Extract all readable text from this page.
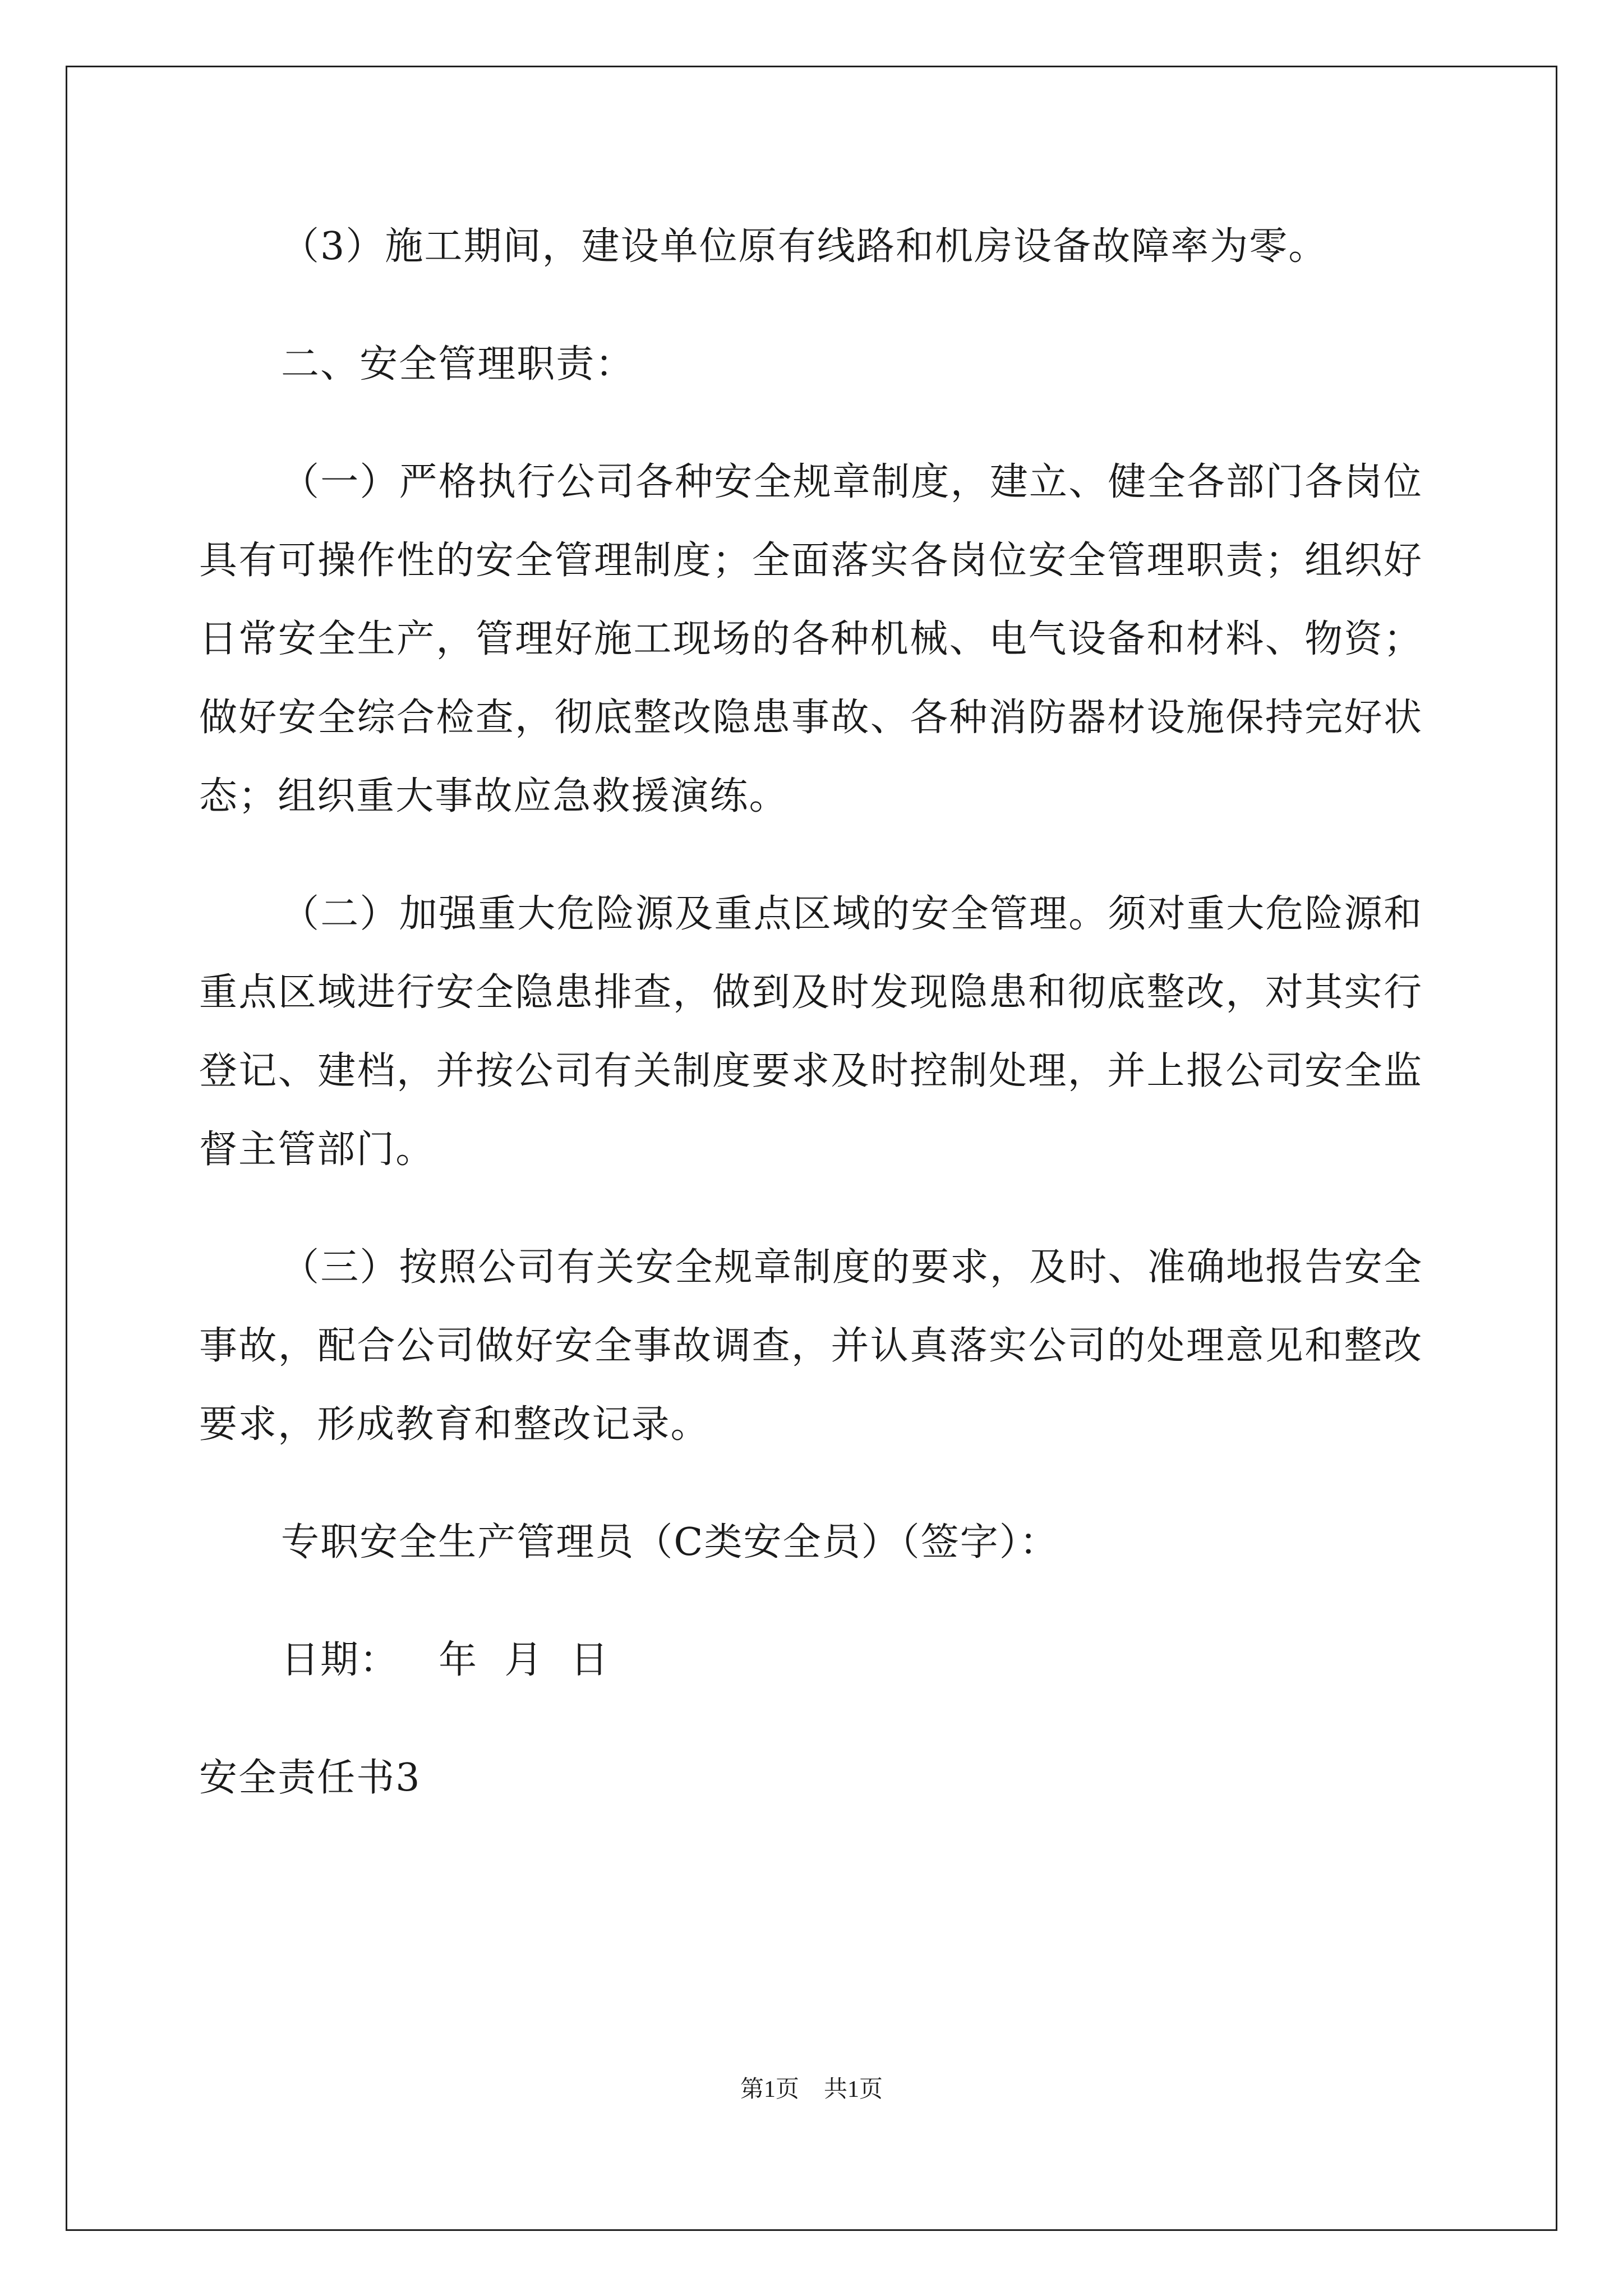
（3）施工期间，建设单位原有线路和机房设备故障率为零。

二、安全管理职责：

（一）严格执行公司各种安全规章制度，建立、健全各部门各岗位具有可操作性的安全管理制度；全面落实各岗位安全管理职责；组织好日常安全生产，管理好施工现场的各种机械、电气设备和材料、物资；做好安全综合检查，彻底整改隐患事故、各种消防器材设施保持完好状态；组织重大事故应急救援演练。

（二）加强重大危险源及重点区域的安全管理。须对重大危险源和重点区域进行安全隐患排查，做到及时发现隐患和彻底整改，对其实行登记、建档，并按公司有关制度要求及时控制处理，并上报公司安全监督主管部门。

（三）按照公司有关安全规章制度的要求，及时、准确地报告安全事故，配合公司做好安全事故调查，并认真落实公司的处理意见和整改要求，形成教育和整改记录。

专职安全生产管理员（C类安全员）（签字）：

日期：   年  月  日

安全责任书3

第1页 共1页
